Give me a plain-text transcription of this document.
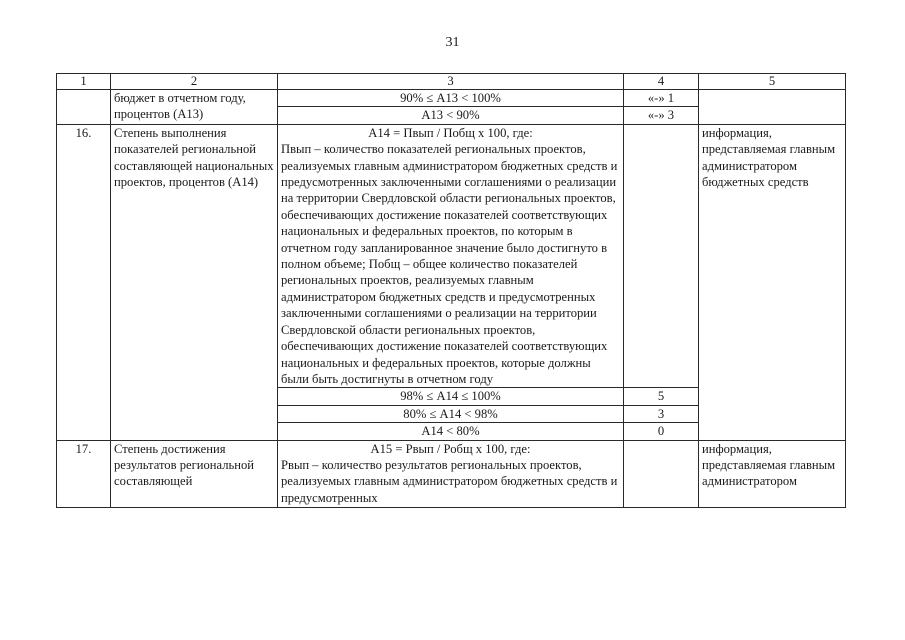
31
1	2	3	4	5
	бюджет в отчетном году, процентов (А13)	90% ≤ А13 < 100%	«-» 1	
		А13 < 90%	«-» 3	
16.	Степень выполнения показателей региональной составляющей национальных проектов, процентов (А14)	А14 = Пвып / Побщ х 100, где:
Пвып – количество показателей региональных проектов, реализуемых главным администратором бюджетных средств и предусмотренных заключенными соглашениями о реализации на территории Свердловской области региональных проектов, обеспечивающих достижение показателей соответствующих национальных и федеральных проектов, по которым в отчетном году запланированное значение было достигнуто в полном объеме; Побщ – общее количество показателей региональных проектов, реализуемых главным администратором бюджетных средств и предусмотренных заключенными соглашениями о реализации на территории Свердловской области региональных проектов, обеспечивающих достижение показателей соответствующих национальных и федеральных проектов, которые должны были быть достигнуты в отчетном году		информация, представляемая главным администратором бюджетных средств
		98% ≤ А14 ≤ 100%	5	
		80% ≤ А14 < 98%	3	
		А14 < 80%	0	
17.	Степень достижения результатов региональной составляющей	А15 = Рвып / Робщ х 100, где:
Рвып – количество результатов региональных проектов, реализуемых главным администратором бюджетных средств и предусмотренных		информация, представляемая главным администратором
